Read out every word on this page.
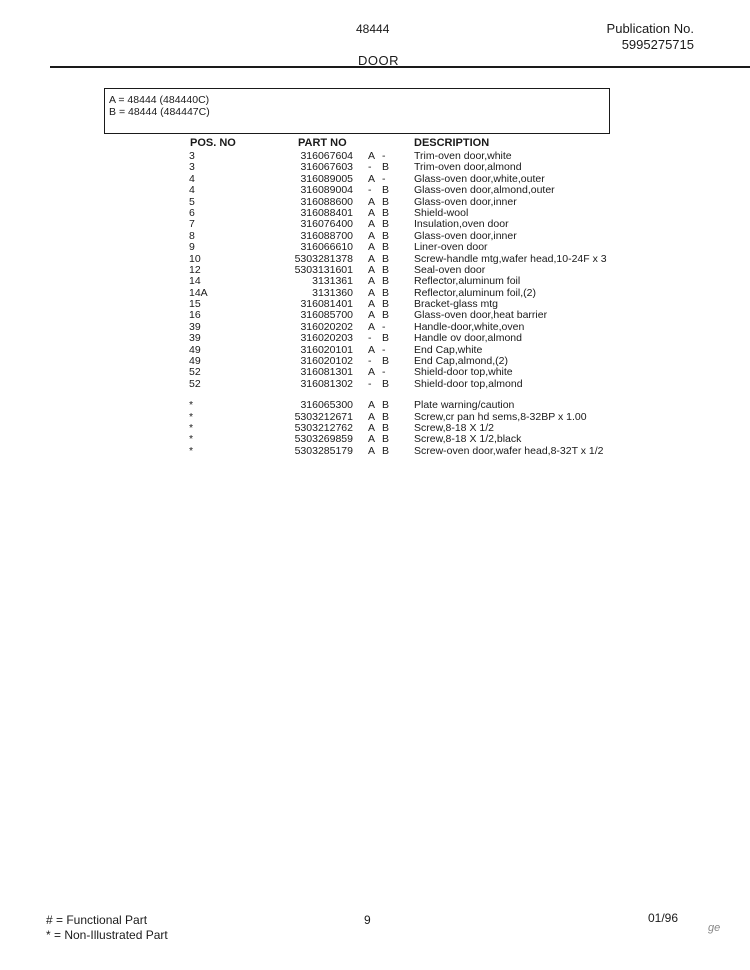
48444	Publication No.
5995275715
DOOR
A = 48444 (484440C)
B = 48444 (484447C)
POS. NO	PART NO	DESCRIPTION
3	316067604 A -	Trim-oven door,white
3	316067603 - B Trim-oven door,almond
4	316089005 A -	Glass-oven door,white,outer
4	316089004 - B Glass-oven door,almond,outer
5	316088600 A B Glass-oven door,inner
6	316088401 A B Shield-wool
7	316076400 A B Insulation,oven door
8	316088700 A B Glass-oven door,inner
9	316066610 A B Liner-oven door
10	5303281378 A B Screw-handle mtg,wafer head,10-24F x 3
12	5303131601 A B Seal-oven door
14	3131361 A B Reflector,aluminum foil
14A	3131360 A B Reflector,aluminum foil,(2)
15	316081401 A B Bracket-glass mtg
16	316085700 A B Glass-oven door,heat barrier
39	316020202 A -	Handle-door,white,oven
39	316020203 - B Handle ov door,almond
49	316020101 A -	End Cap,white
49	316020102 - B End Cap,almond,(2)
52	316081301 A -	Shield-door top,white
52	316081302 - B Shield-door top,almond
*	316065300 A B Plate warning/caution
*	5303212671 A B Screw,cr pan hd sems,8-32BP x 1.00
*	5303212762 A B Screw,8-18 X 1/2
*	5303269859 A B Screw,8-18 X 1/2,black
*	5303285179 A B Screw-oven door,wafer head,8-32T x 1/2
# = Functional Part
* = Non-Illustrated Part
9	01/96
ge
